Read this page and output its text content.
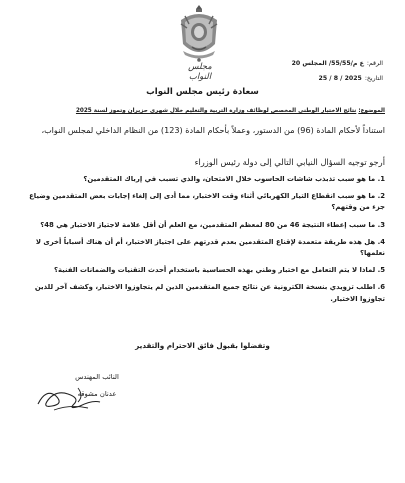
الرقم:
ع م/55/55/ المجلس 20
التاريخ:
2025 / 8 / 25
مجلس النواب
سعادة رئيس مجلس النواب
الموضوع: نتائج الاختبار الوطني المخصص لوظائف وزارة التربية والتعليم خلال شهري حزيران وتموز لسنة 2025
استناداً لأحكام المادة (96) من الدستور، وعملاً بأحكام المادة (123) من النظام الداخلي لمجلس النواب،
أرجو توجيه السؤال النيابي التالي إلى دولة رئيس الوزراء
1. ما هو سبب تذبذب شاشات الحاسوب خلال الامتحان، والذي تسبب في إرباك المتقدمين؟
2. ما هو سبب انقطاع التيار الكهربائي أثناء وقت الاختبار، مما أدى إلى إلغاء إجابات بعض المتقدمين وضياع جزء من وقتهم؟
3. ما سبب إعطاء النتيجة 46 من 80 لمعظم المتقدمين، مع العلم أن أقل علامة لاجتياز الاختبار هي 48؟
4. هل هذه طريقة متعمدة لإقناع المتقدمين بعدم قدرتهم على اجتياز الاختبار، أم أن هناك أسباباً أخرى لا نعلمها؟
5. لماذا لا يتم التعامل مع اختبار وطني بهذه الحساسية باستخدام أحدث التقنيات والضمانات الفنية؟
6. اطلب تزويدي بنسخة الكترونية عن نتائج جميع المتقدمين الذين لم يتجاوزوا الاختبار، وكشف آخر للذين تجاوزوا الاختبار.
وتفضلوا بقبول فائق الاحترام والتقدير
النائب المهندس
عدنان مشوقه
